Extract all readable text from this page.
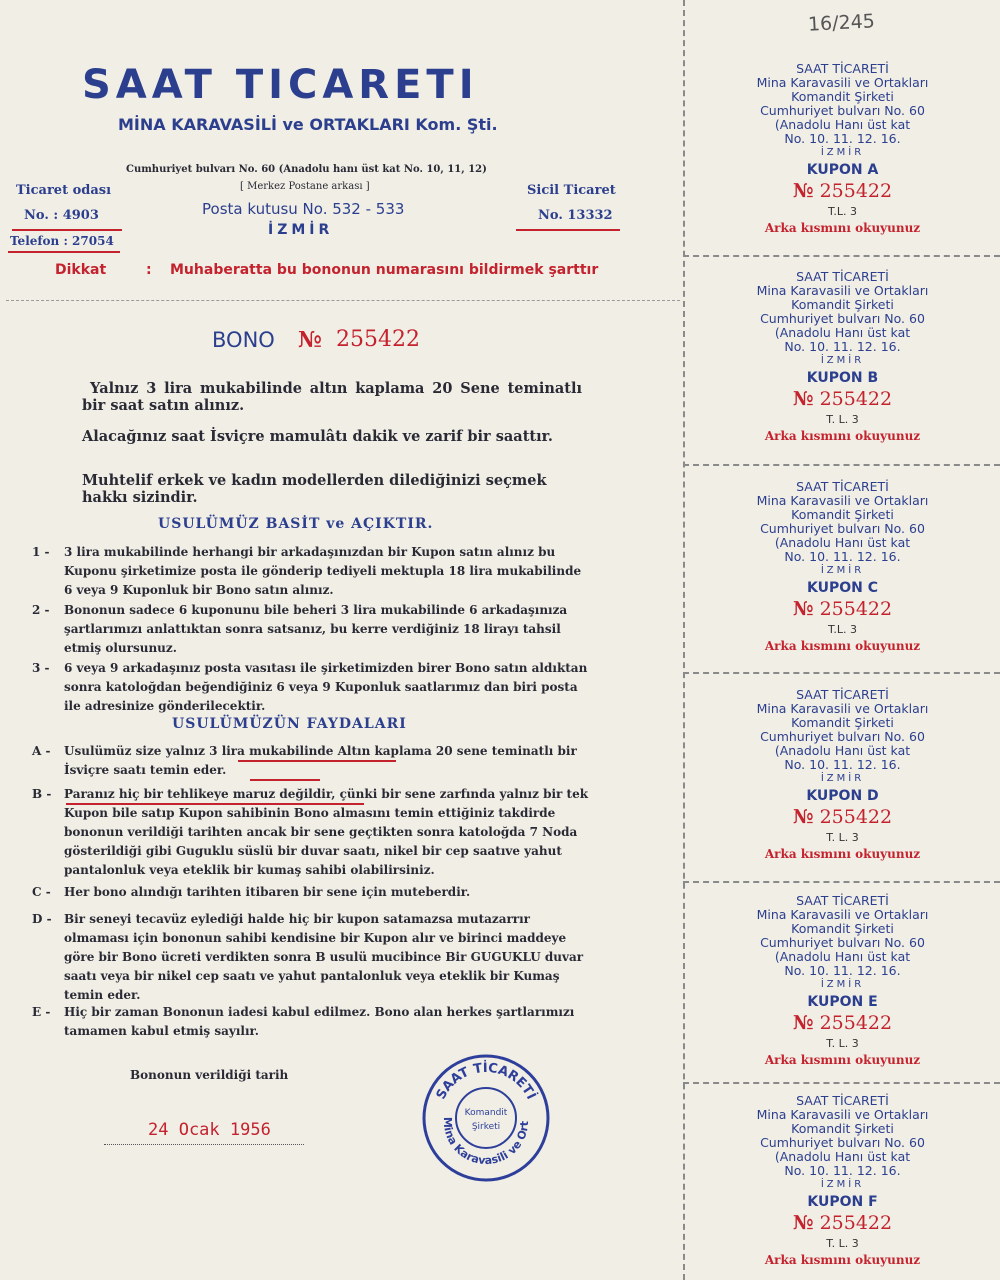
16/245
SAAT TICARETI
MİNA KARAVASİLİ ve ORTAKLARI Kom. Şti.
Cumhuriyet bulvarı No. 60 (Anadolu hanı üst kat No. 10, 11, 12)
[ Merkez Postane arkası ]
Posta kutusu No. 532 - 533
İZMİR
Ticaret odası
No. : 4903
Telefon : 27054
Sicil Ticaret
No. 13332
Dikkat	: Muhaberatta bu bononun numarasını bildirmek şarttır
BONO № 255422
Yalnız 3 lira mukabilinde altın kaplama 20 Sene teminatlı bir saat satın alınız.
Alacağınız saat İsviçre mamulâtı dakik ve zarif bir saattır.
Muhtelif erkek ve kadın modellerden dilediğinizi seçmek hakkı sizindir.
USULÜMÜZ BASİT ve AÇIKTIR.
1 -	3 lira mukabilinde herhangi bir arkadaşınızdan bir Kupon satın alınız bu Kuponu şirketimize posta ile gönderip tediyeli mektupla 18 lira mukabilinde 6 veya 9 Kuponluk bir Bono satın alınız.
2 -	Bononun sadece 6 kuponunu bile beheri 3 lira mukabilinde 6 arkadaşınıza şartlarımızı anlattıktan sonra satsanız, bu kerre verdiğiniz 18 lirayı tahsil etmiş olursunuz.
3 -	6 veya 9 arkadaşınız posta vasıtası ile şirketimizden birer Bono satın aldıktan sonra katoloğdan beğendiğiniz 6 veya 9 Kuponluk saatlarımız dan biri posta ile adresinize gönderilecektir.
USULÜMÜZÜN FAYDALARI
A -	Usulümüz size yalnız 3 lira mukabilinde Altın kaplama 20 sene teminatlı bir İsviçre saatı temin eder.
B -	Paranız hiç bir tehlikeye maruz değildir, çünki bir sene zarfında yalnız bir tek Kupon bile satıp Kupon sahibinin Bono almasını temin ettiğiniz takdirde bononun verildiği tarihten ancak bir sene geçtikten sonra katoloğda 7 Noda gösterildiği gibi Guguklu süslü bir duvar saatı, nikel bir cep saatıve yahut pantalonluk veya eteklik bir kumaş sahibi olabilirsiniz.
C -	Her bono alındığı tarihten itibaren bir sene için muteberdir.
D -	Bir seneyi tecavüz eylediği halde hiç bir kupon satamazsa mutazarrır olmaması için bononun sahibi kendisine bir Kupon alır ve birinci maddeye göre bir Bono ücreti verdikten sonra B usulü mucibince Bir GUGUKLU duvar saatı veya bir nikel cep saatı ve yahut pantalonluk veya eteklik bir Kumaş temin eder.
E -	Hiç bir zaman Bononun iadesi kabul edilmez. Bono alan herkes şartlarımızı tamamen kabul etmiş sayılır.
Bononun verildiği tarih
24 Ocak 1956
SAAT TİCARETİ
Mina Karavasili ve Ort
Komandit
Şirketi
SAAT TİCARETİ
Mina Karavasili ve Ortakları
Komandit Şirketi
Cumhuriyet bulvarı No. 60
(Anadolu Hanı üst kat
No. 10. 11. 12. 16.
İZMİR
KUPON A
№ 255422
T.L. 3
Arka kısmını okuyunuz
SAAT TİCARETİ
Mina Karavasili ve Ortakları
Komandit Şirketi
Cumhuriyet bulvarı No. 60
(Anadolu Hanı üst kat
No. 10. 11. 12. 16.
İZMİR
KUPON B
№ 255422
T. L. 3
Arka kısmını okuyunuz
SAAT TİCARETİ
Mina Karavasili ve Ortakları
Komandit Şirketi
Cumhuriyet bulvarı No. 60
(Anadolu Hanı üst kat
No. 10. 11. 12. 16.
İZMİR
KUPON C
№ 255422
T.L. 3
Arka kısmını okuyunuz
SAAT TİCARETİ
Mina Karavasili ve Ortakları
Komandit Şirketi
Cumhuriyet bulvarı No. 60
(Anadolu Hanı üst kat
No. 10. 11. 12. 16.
İZMİR
KUPON D
№ 255422
T. L. 3
Arka kısmını okuyunuz
SAAT TİCARETİ
Mina Karavasili ve Ortakları
Komandit Şirketi
Cumhuriyet bulvarı No. 60
(Anadolu Hanı üst kat
No. 10. 11. 12. 16.
İZMİR
KUPON E
№ 255422
T. L. 3
Arka kısmını okuyunuz
SAAT TİCARETİ
Mina Karavasili ve Ortakları
Komandit Şirketi
Cumhuriyet bulvarı No. 60
(Anadolu Hanı üst kat
No. 10. 11. 12. 16.
İZMİR
KUPON F
№ 255422
T. L. 3
Arka kısmını okuyunuz
